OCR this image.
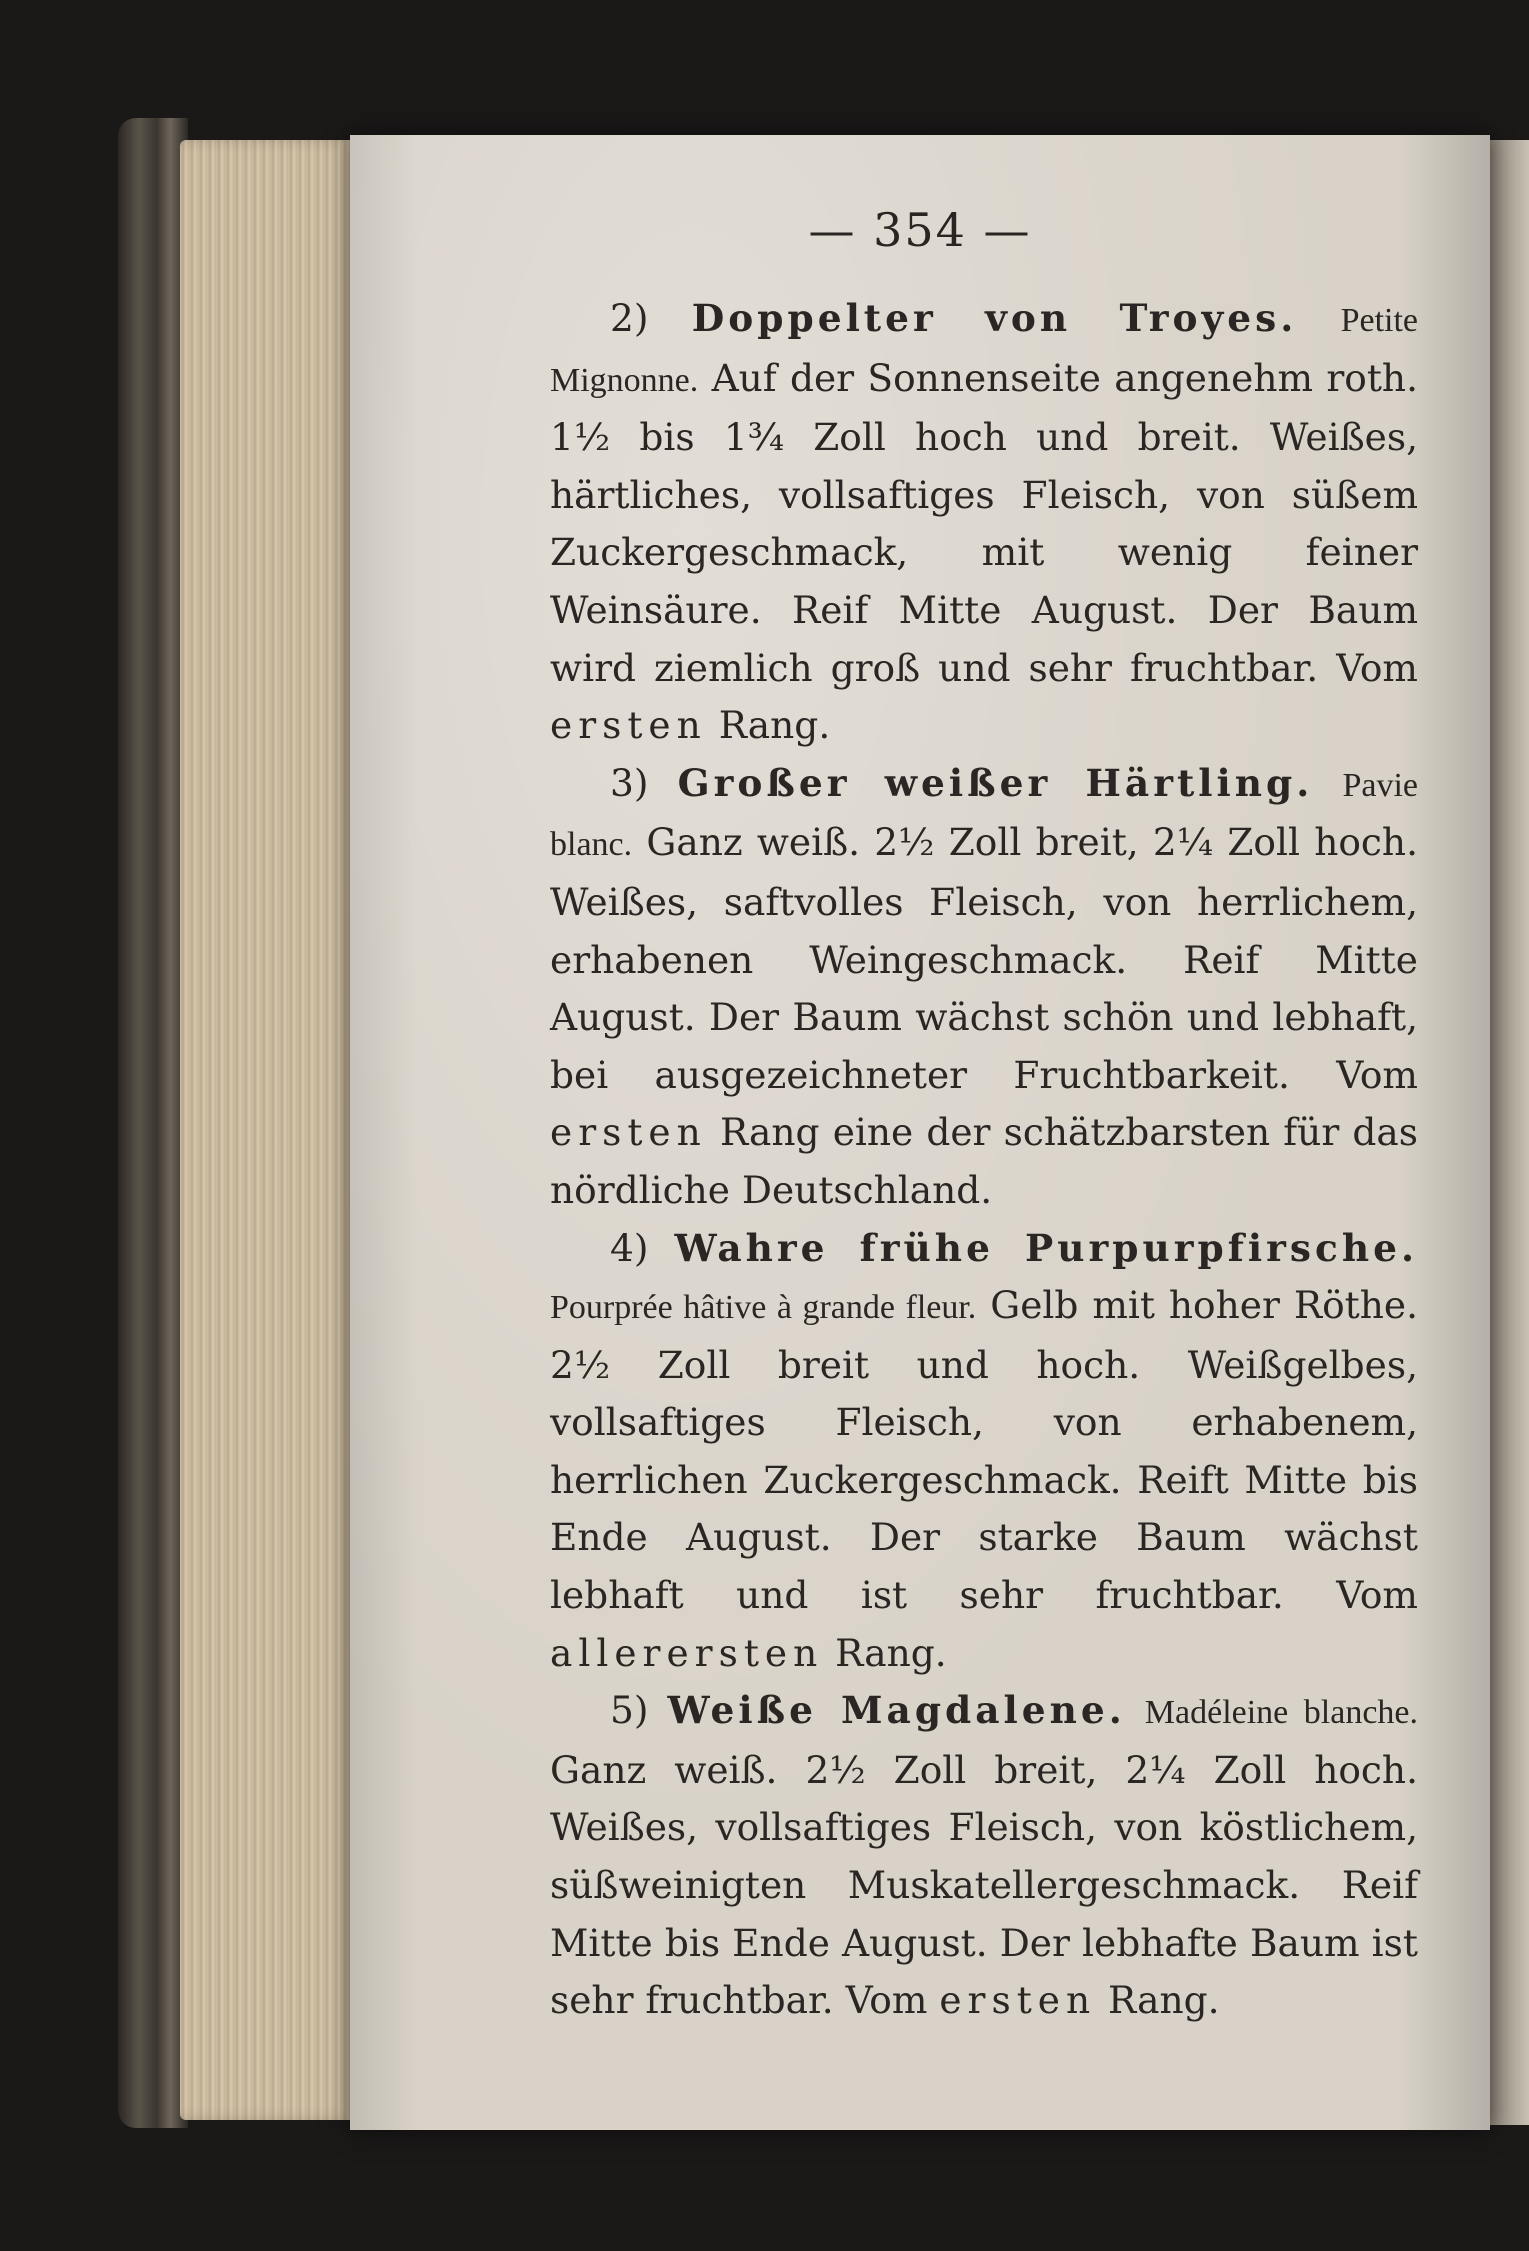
— 354 —

2) Doppelter von Troyes. Petite Mignonne. Auf der Sonnenseite angenehm roth. 1½ bis 1¾ Zoll hoch und breit. Weißes, härtliches, vollsaftiges Fleisch, von süßem Zuckergeschmack, mit wenig feiner Weinsäure. Reif Mitte August. Der Baum wird ziemlich groß und sehr fruchtbar. Vom ersten Rang.

3) Großer weißer Härtling. Pavie blanc. Ganz weiß. 2½ Zoll breit, 2¼ Zoll hoch. Weißes, saftvolles Fleisch, von herrlichem, erhabenen Weingeschmack. Reif Mitte August. Der Baum wächst schön und lebhaft, bei ausgezeichneter Fruchtbarkeit. Vom ersten Rang eine der schätzbarsten für das nördliche Deutschland.

4) Wahre frühe Purpurpfirsche. Pourprée hâtive à grande fleur. Gelb mit hoher Röthe. 2½ Zoll breit und hoch. Weißgelbes, vollsaftiges Fleisch, von erhabenem, herrlichen Zuckergeschmack. Reift Mitte bis Ende August. Der starke Baum wächst lebhaft und ist sehr fruchtbar. Vom allerersten Rang.

5) Weiße Magdalene. Madéleine blanche. Ganz weiß. 2½ Zoll breit, 2¼ Zoll hoch. Weißes, vollsaftiges Fleisch, von köstlichem, süßweinigten Muskatellergeschmack. Reif Mitte bis Ende August. Der lebhafte Baum ist sehr fruchtbar. Vom ersten Rang.
